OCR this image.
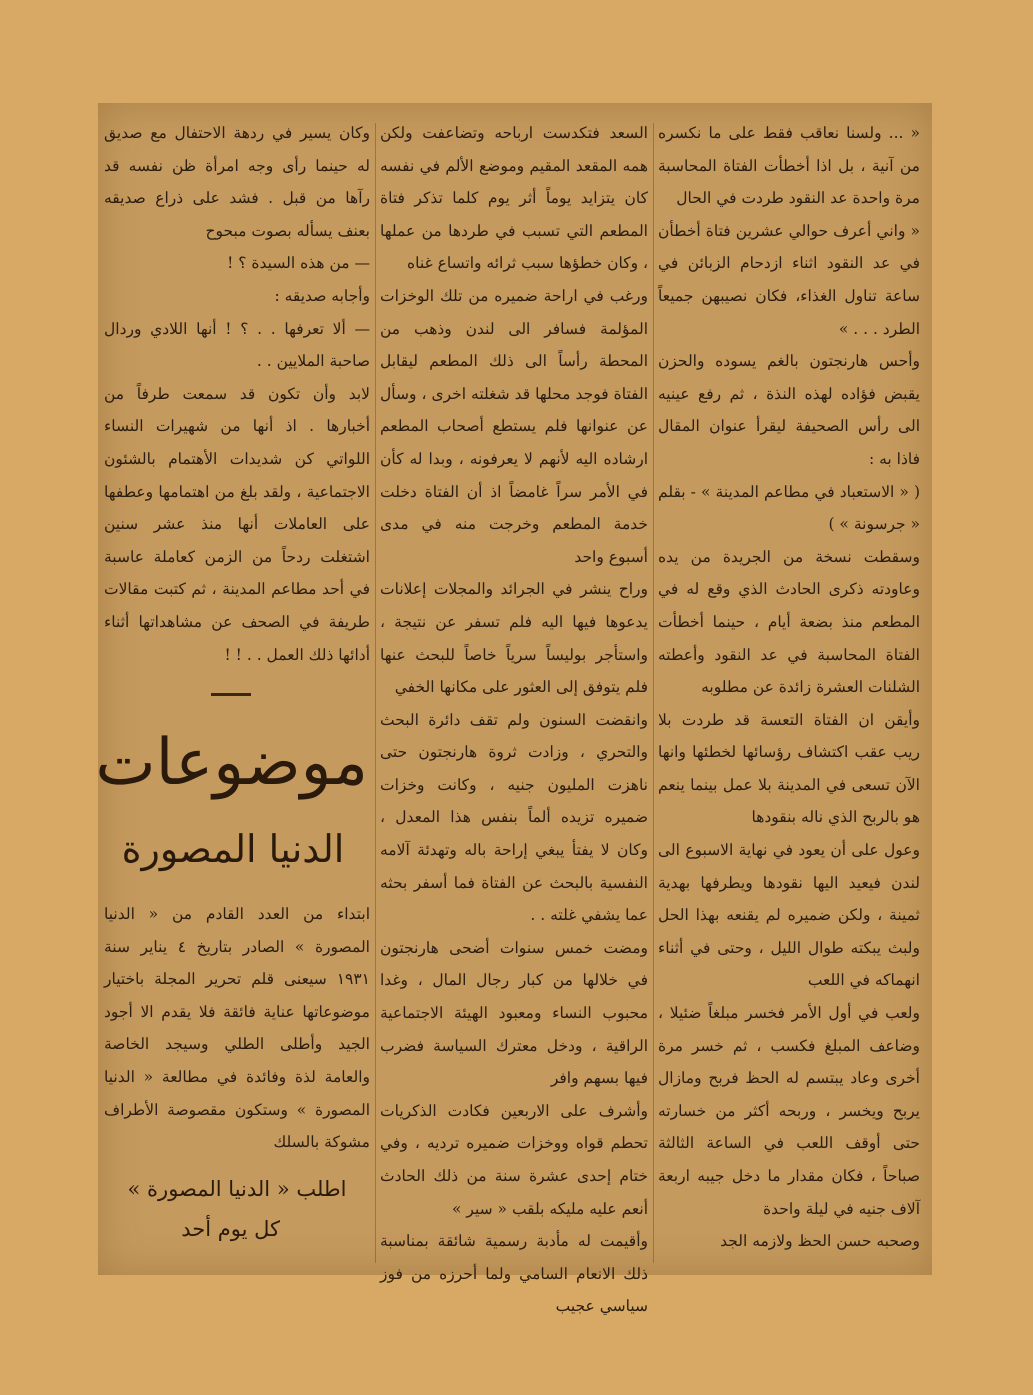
« ... ولسنا نعاقب فقط على ما نكسره من آنية ، بل اذا أخطأت الفتاة المحاسبة مرة واحدة عد النقود طردت في الحال

« واني أعرف حوالي عشرين فتاة أخطأن في عد النقود اثناء ازدحام الزبائن في ساعة تناول الغذاء، فكان نصيبهن جميعاً الطرد . . . »

وأحس هارنجتون بالغم يسوده والحزن يقبض فؤاده لهذه النذة ، ثم رفع عينيه الى رأس الصحيفة ليقرأ عنوان المقال فاذا به :

( « الاستعباد في مطاعم المدينة » - بقلم « جرسونة » )

وسقطت نسخة من الجريدة من يده وعاودته ذكرى الحادث الذي وقع له في المطعم منذ بضعة أيام ، حينما أخطأت الفتاة المحاسبة في عد النقود وأعطته الشلنات العشرة زائدة عن مطلوبه

وأيقن ان الفتاة التعسة قد طردت بلا ريب عقب اكتشاف رؤسائها لخطئها وانها الآن تسعى في المدينة بلا عمل بينما ينعم هو بالربح الذي ناله بنقودها

وعول على أن يعود في نهاية الاسبوع الى لندن فيعيد اليها نقودها ويطرفها بهدية ثمينة ، ولكن ضميره لم يقنعه بهذا الحل ولبث يبكته طوال الليل ، وحتى في أثناء انهماكه في اللعب

ولعب في أول الأمر فخسر مبلغاً ضئيلا ، وضاعف المبلغ فكسب ، ثم خسر مرة أخرى وعاد يبتسم له الحظ فربح ومازال يربح ويخسر ، وربحه أكثر من خسارته حتى أوقف اللعب في الساعة الثالثة صباحاً ، فكان مقدار ما دخل جيبه اربعة آلاف جنيه في ليلة واحدة

وصحبه حسن الحظ ولازمه الجد

السعد فتكدست ارباحه وتضاعفت ولكن همه المقعد المقيم وموضع الألم في نفسه كان يتزايد يوماً أثر يوم كلما تذكر فتاة المطعم التي تسبب في طردها من عملها ، وكان خطؤها سبب ثرائه واتساع غناه

ورغب في اراحة ضميره من تلك الوخزات المؤلمة فسافر الى لندن وذهب من المحطة رأساً الى ذلك المطعم ليقابل الفتاة فوجد محلها قد شغلته اخرى ، وسأل عن عنوانها فلم يستطع أصحاب المطعم ارشاده اليه لأنهم لا يعرفونه ، وبدا له كأن في الأمر سراً غامضاً اذ أن الفتاة دخلت خدمة المطعم وخرجت منه في مدى أسبوع واحد

وراح ينشر في الجرائد والمجلات إعلانات يدعوها فيها اليه فلم تسفر عن نتيجة ، واستأجر بوليساً سرياً خاصاً للبحث عنها فلم يتوفق إلى العثور على مكانها الخفي

وانقضت السنون ولم تقف دائرة البحث والتحري ، وزادت ثروة هارنجتون حتى ناهزت المليون جنيه ، وكانت وخزات ضميره تزيده ألماً بنفس هذا المعدل ، وكان لا يفتأ يبغي إراحة باله وتهدئة آلامه النفسية بالبحث عن الفتاة فما أسفر بحثه عما يشفي غلته . .

ومضت خمس سنوات أضحى هارنجتون في خلالها من كبار رجال المال ، وغدا محبوب النساء ومعبود الهيئة الاجتماعية الراقية ، ودخل معترك السياسة فضرب فيها بسهم وافر

وأشرف على الاربعين فكادت الذكريات تحطم قواه ووخزات ضميره ترديه ، وفي ختام إحدى عشرة سنة من ذلك الحادث أنعم عليه مليكه بلقب « سير »

وأقيمت له مأدبة رسمية شائقة بمناسبة ذلك الانعام السامي ولما أحرزه من فوز سياسي عجيب

وكان يسير في ردهة الاحتفال مع صديق له حينما رأى وجه امرأة ظن نفسه قد رآها من قبل . فشد على ذراع صديقه بعنف يسأله بصوت مبحوح

— من هذه السيدة ؟ !

وأجابه صديقه :

— ألا تعرفها . . ؟ ! أنها اللادي وردال صاحبة الملايين . .

لابد وأن تكون قد سمعت طرفاً من أخبارها . اذ أنها من شهيرات النساء اللواتي كن شديدات الأهتمام بالشئون الاجتماعية ، ولقد بلغ من اهتمامها وعطفها على العاملات أنها منذ عشر سنين اشتغلت ردحاً من الزمن كعاملة عاسبة في أحد مطاعم المدينة ، ثم كتبت مقالات طريفة في الصحف عن مشاهداتها أثناء أدائها ذلك العمل . . ! !

موضوعات
الدنيا المصورة

ابتداء من العدد القادم من « الدنيا المصورة » الصادر بتاريخ ٤ يناير سنة ١٩٣١ سيعنى قلم تحرير المجلة باختيار موضوعاتها عناية فائقة فلا يقدم الا أجود الجيد وأطلى الطلي وسيجد الخاصة والعامة لذة وفائدة في مطالعة « الدنيا المصورة » وستكون مقصوصة الأطراف مشوكة بالسلك

اطلب « الدنيا المصورة »
كل يوم أحد
